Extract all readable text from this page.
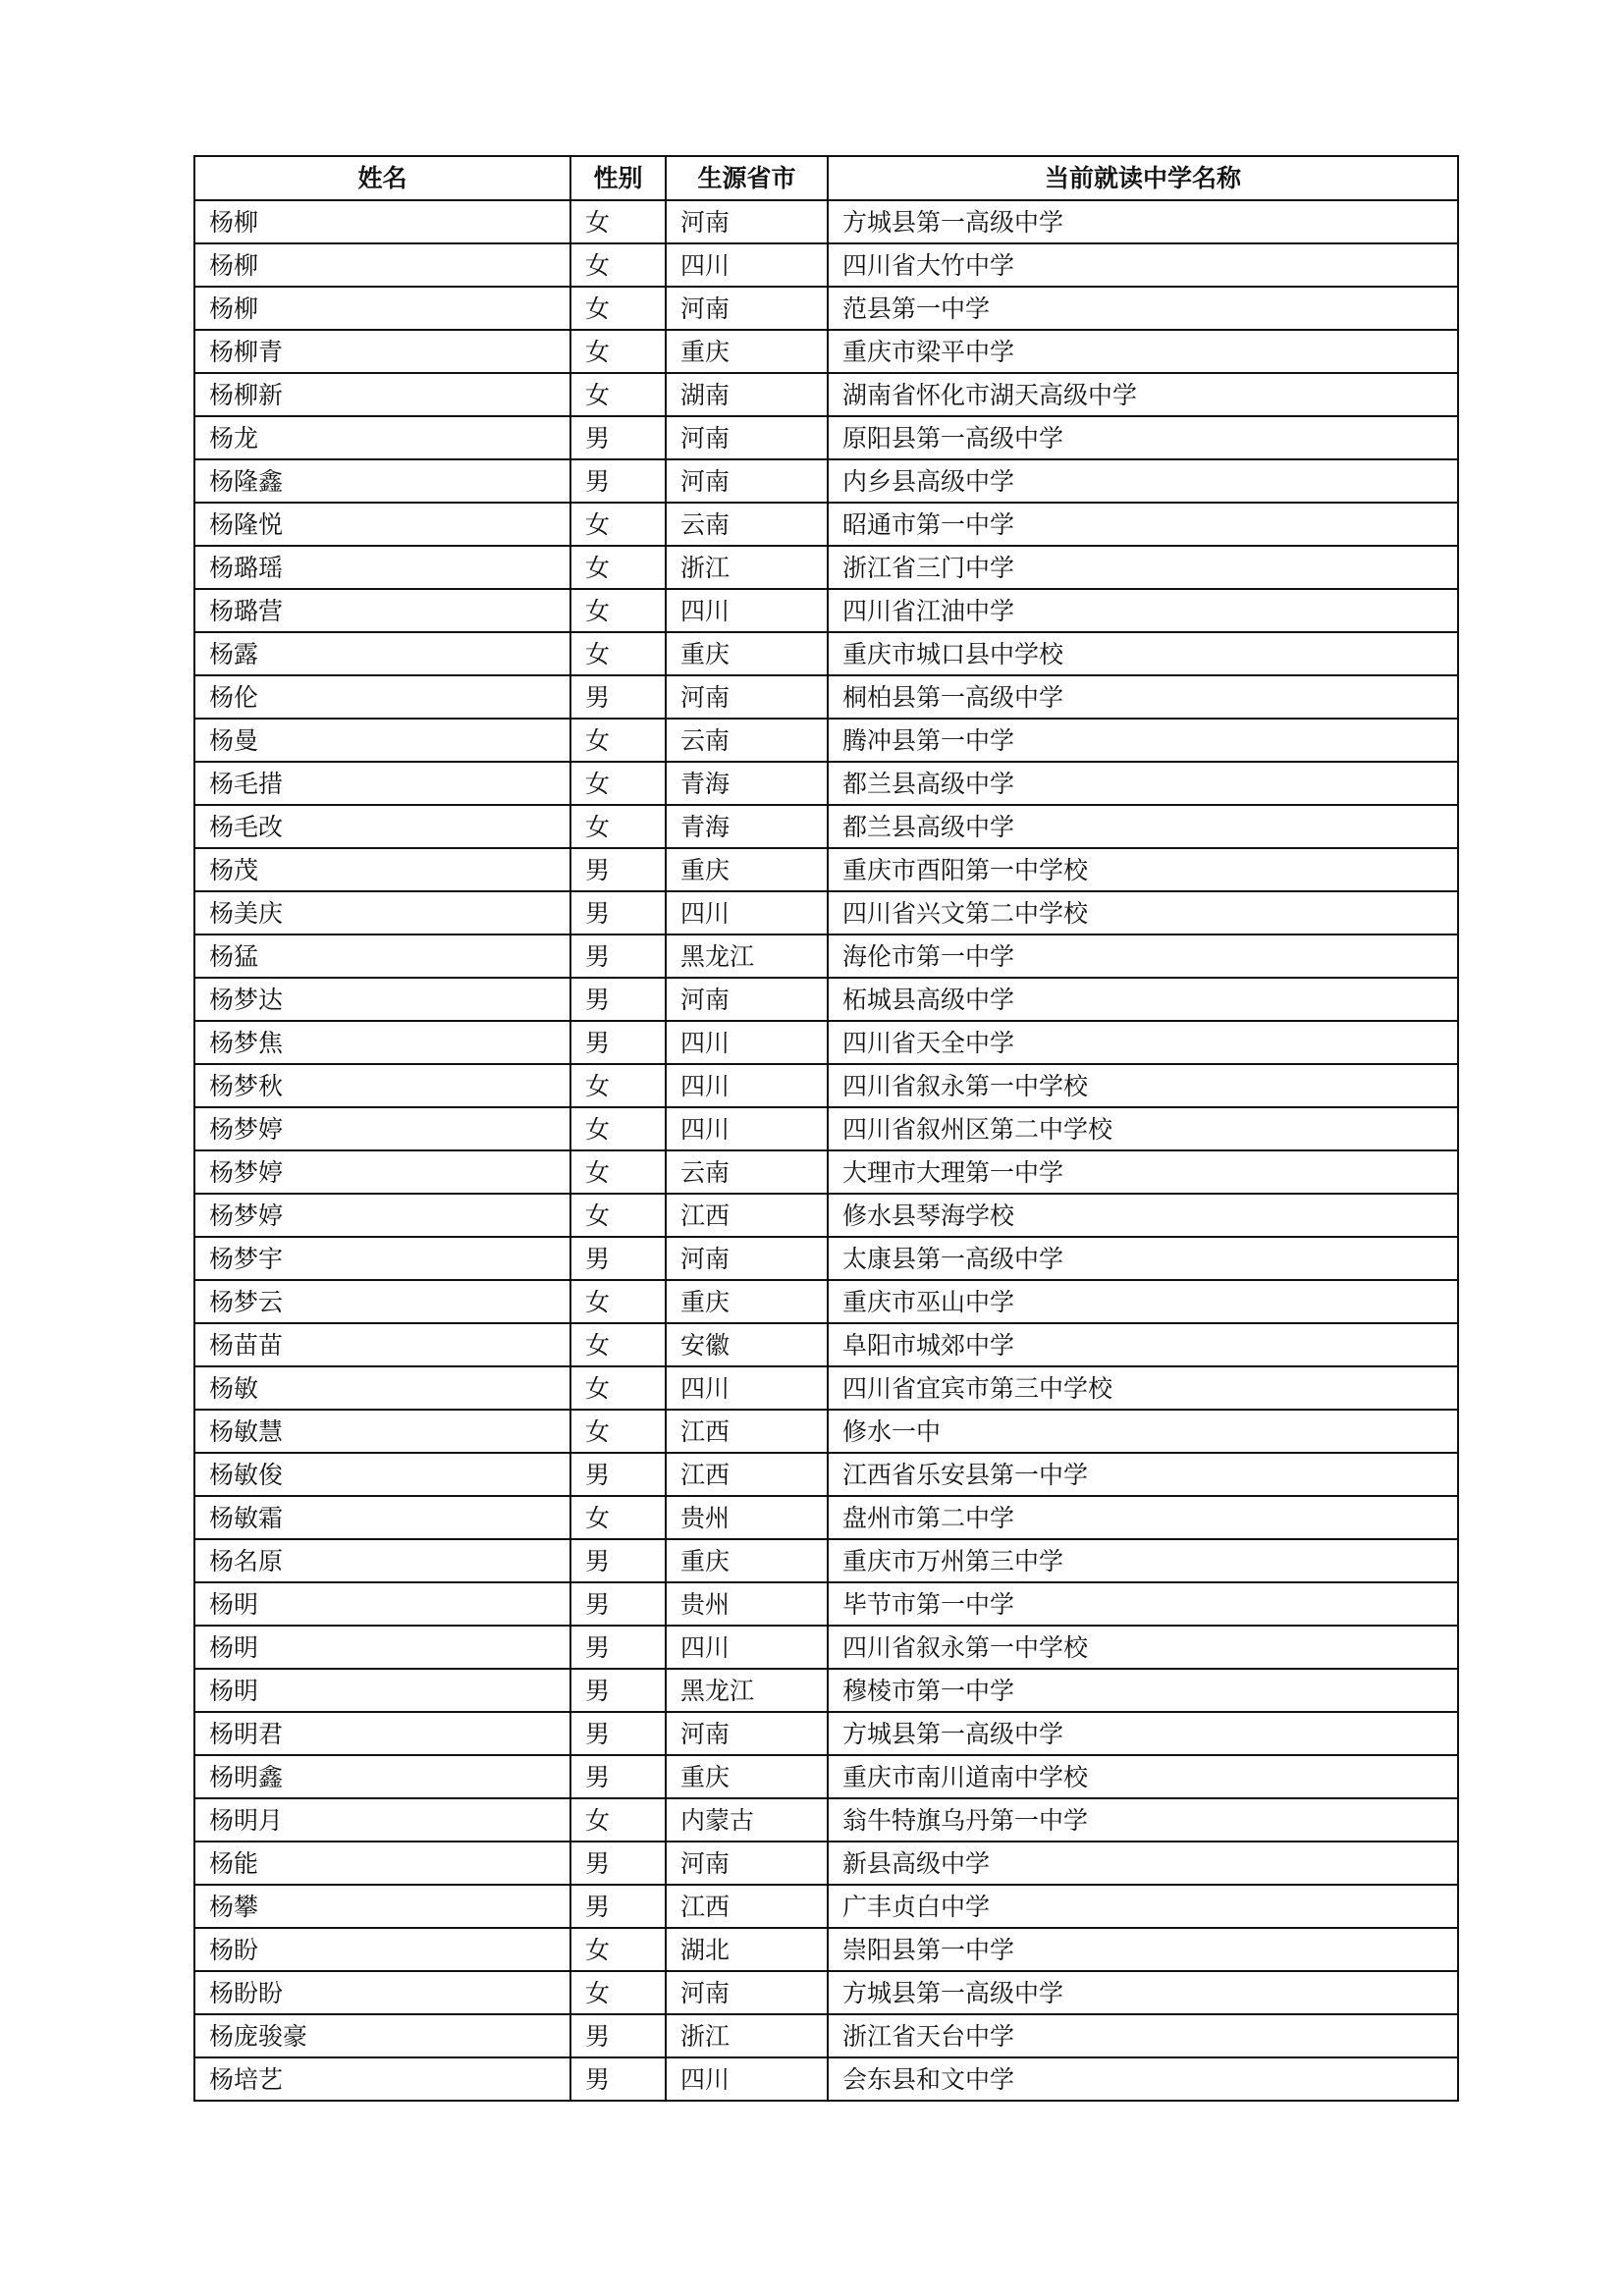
姓名	性别	生源省市	当前就读中学名称
杨柳	女	河南	方城县第一高级中学
杨柳	女	四川	四川省大竹中学
杨柳	女	河南	范县第一中学
杨柳青	女	重庆	重庆市梁平中学
杨柳新	女	湖南	湖南省怀化市湖天高级中学
杨龙	男	河南	原阳县第一高级中学
杨隆鑫	男	河南	内乡县高级中学
杨隆悦	女	云南	昭通市第一中学
杨璐瑶	女	浙江	浙江省三门中学
杨璐营	女	四川	四川省江油中学
杨露	女	重庆	重庆市城口县中学校
杨伦	男	河南	桐柏县第一高级中学
杨曼	女	云南	腾冲县第一中学
杨毛措	女	青海	都兰县高级中学
杨毛改	女	青海	都兰县高级中学
杨茂	男	重庆	重庆市酉阳第一中学校
杨美庆	男	四川	四川省兴文第二中学校
杨猛	男	黑龙江	海伦市第一中学
杨梦达	男	河南	柘城县高级中学
杨梦焦	男	四川	四川省天全中学
杨梦秋	女	四川	四川省叙永第一中学校
杨梦婷	女	四川	四川省叙州区第二中学校
杨梦婷	女	云南	大理市大理第一中学
杨梦婷	女	江西	修水县琴海学校
杨梦宇	男	河南	太康县第一高级中学
杨梦云	女	重庆	重庆市巫山中学
杨苗苗	女	安徽	阜阳市城郊中学
杨敏	女	四川	四川省宜宾市第三中学校
杨敏慧	女	江西	修水一中
杨敏俊	男	江西	江西省乐安县第一中学
杨敏霜	女	贵州	盘州市第二中学
杨名原	男	重庆	重庆市万州第三中学
杨明	男	贵州	毕节市第一中学
杨明	男	四川	四川省叙永第一中学校
杨明	男	黑龙江	穆棱市第一中学
杨明君	男	河南	方城县第一高级中学
杨明鑫	男	重庆	重庆市南川道南中学校
杨明月	女	内蒙古	翁牛特旗乌丹第一中学
杨能	男	河南	新县高级中学
杨攀	男	江西	广丰贞白中学
杨盼	女	湖北	崇阳县第一中学
杨盼盼	女	河南	方城县第一高级中学
杨庞骏豪	男	浙江	浙江省天台中学
杨培艺	男	四川	会东县和文中学
